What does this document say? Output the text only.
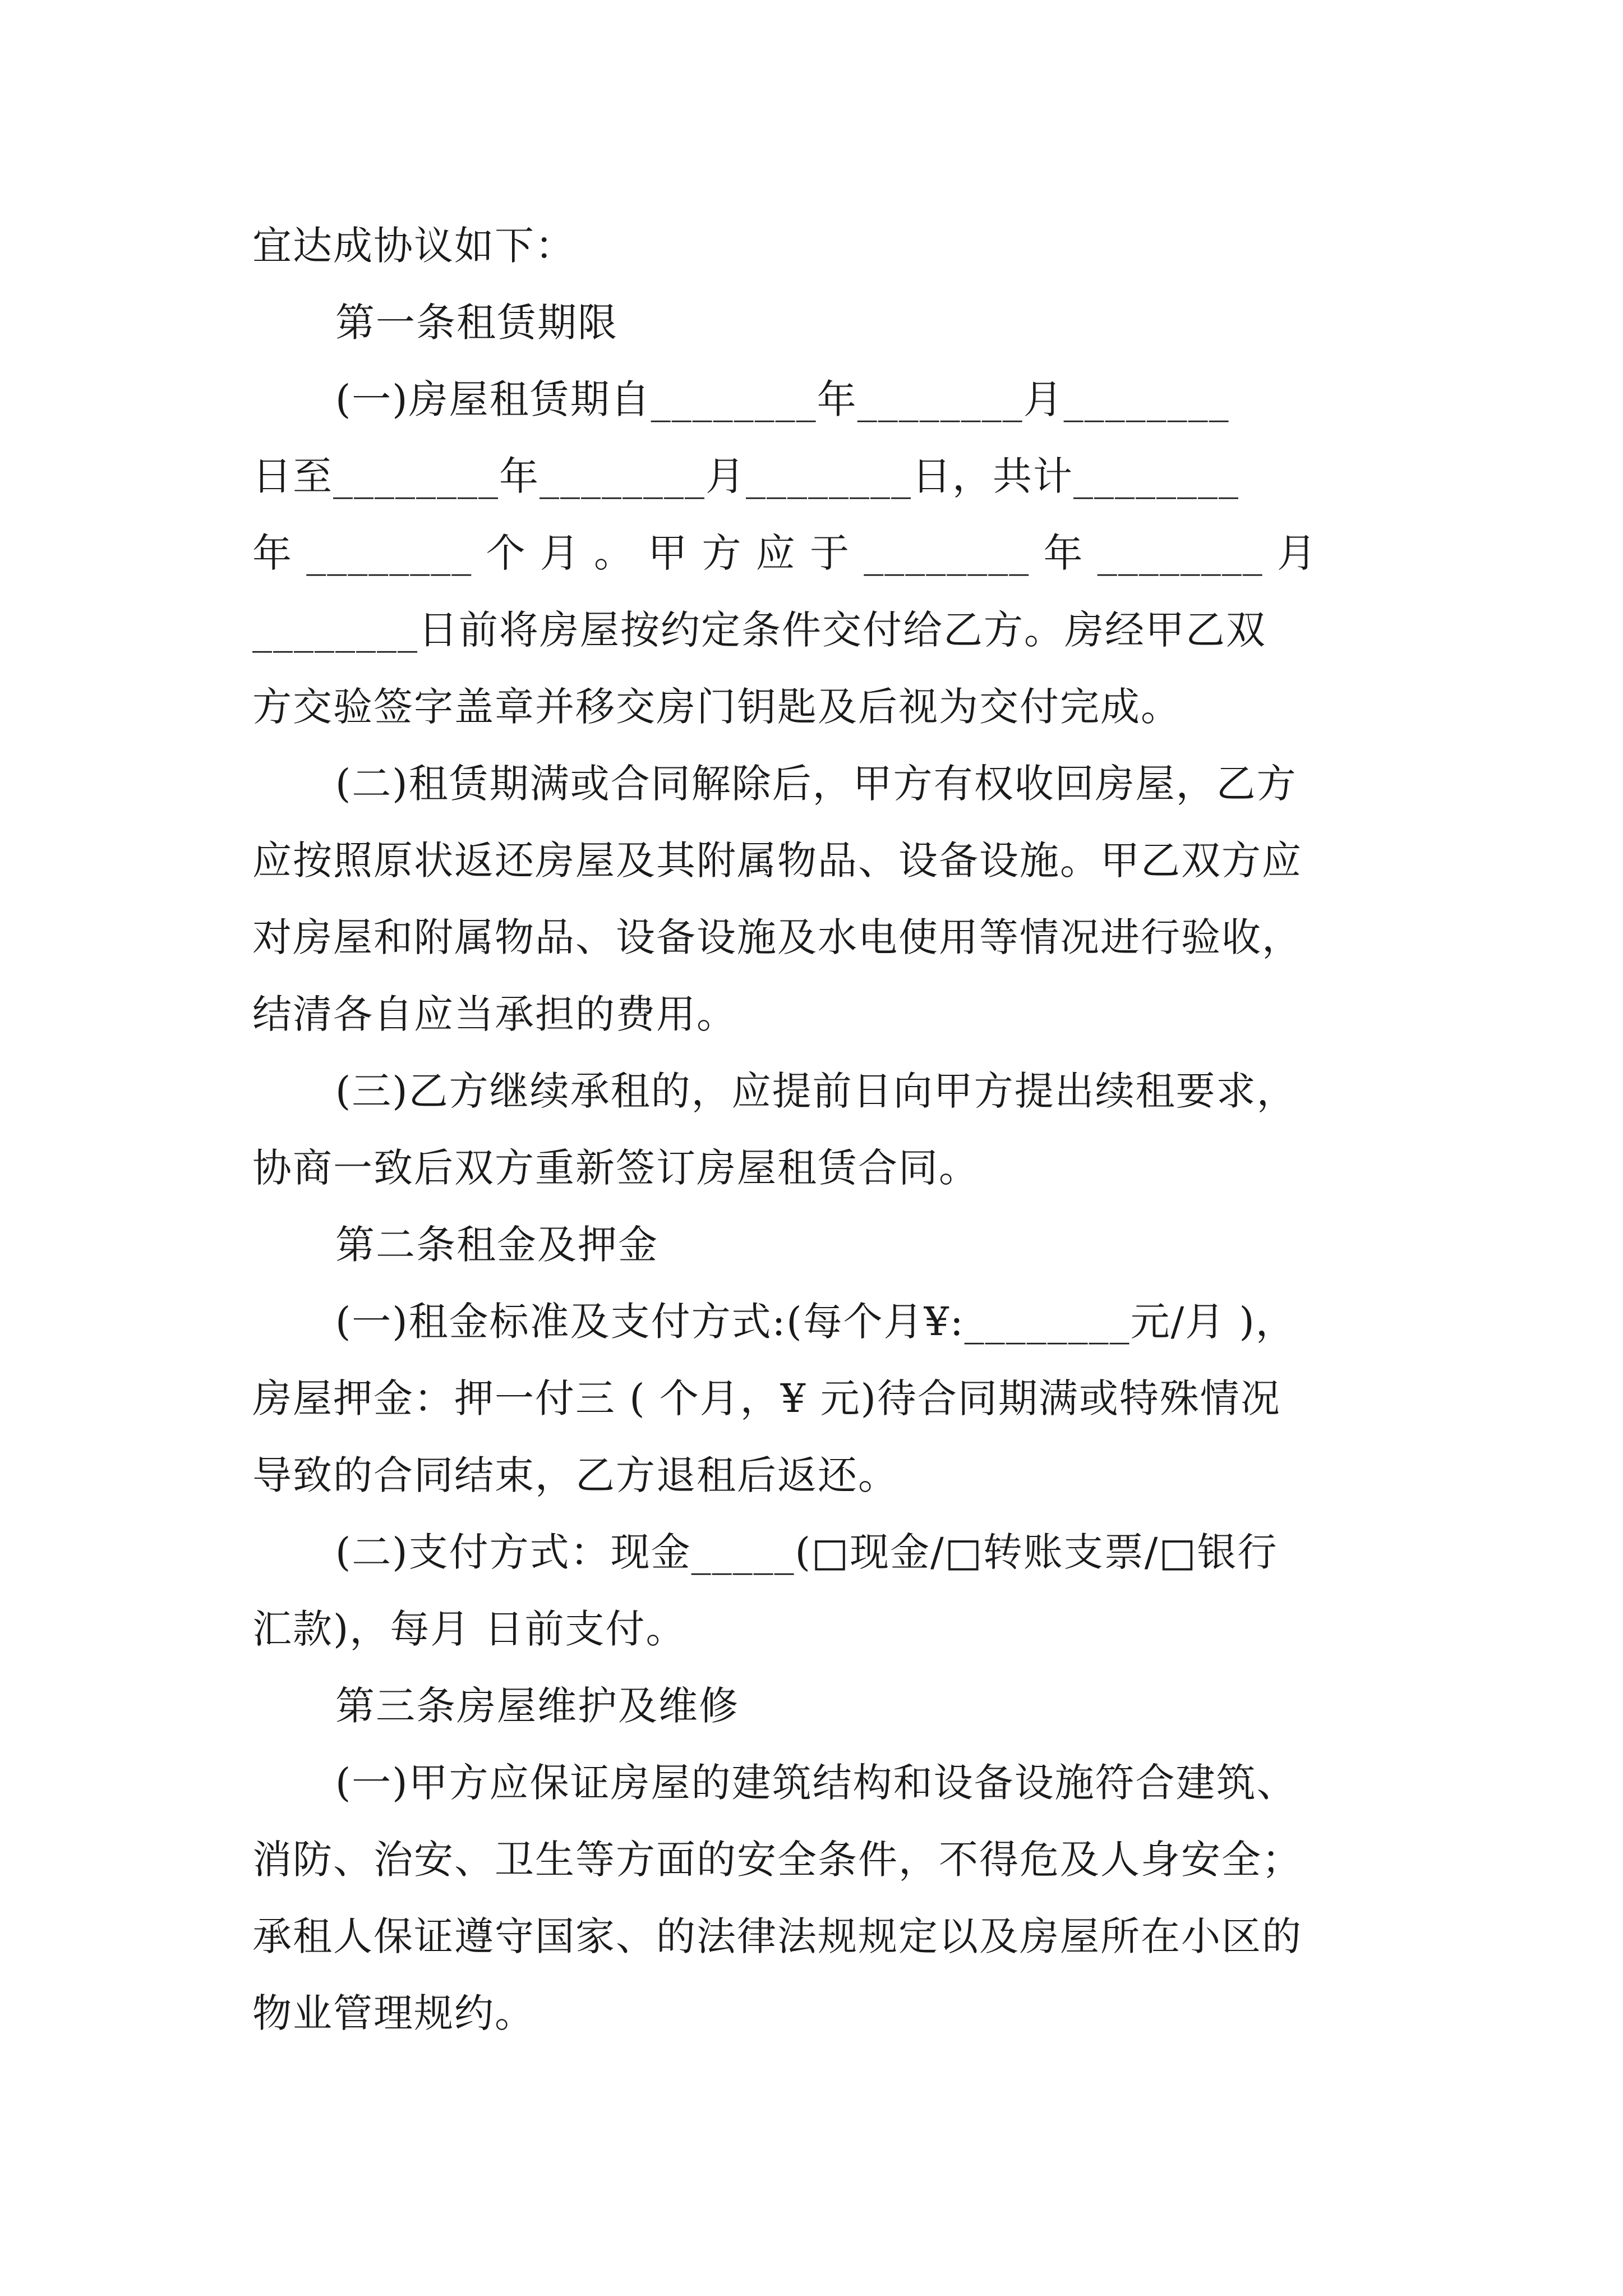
宜达成协议如下：
第一条租赁期限
(一)房屋租赁期自________年________月________
日至________年________月________日，共计________
年 ________ 个 月 。 甲 方 应 于 ________ 年 ________ 月
________日前将房屋按约定条件交付给乙方。房经甲乙双
方交验签字盖章并移交房门钥匙及后视为交付完成。
(二)租赁期满或合同解除后，甲方有权收回房屋，乙方
应按照原状返还房屋及其附属物品、设备设施。甲乙双方应
对房屋和附属物品、设备设施及水电使用等情况进行验收，
结清各自应当承担的费用。
(三)乙方继续承租的，应提前日向甲方提出续租要求，
协商一致后双方重新签订房屋租赁合同。
第二条租金及押金
(一)租金标准及支付方式:(每个月¥:________元/月 )，
房屋押金：押一付三 ( 个月，¥ 元)待合同期满或特殊情况
导致的合同结束，乙方退租后返还。
(二)支付方式：现金_____(□现金/□转账支票/□银行
汇款)，每月 日前支付。
第三条房屋维护及维修
(一)甲方应保证房屋的建筑结构和设备设施符合建筑、
消防、治安、卫生等方面的安全条件，不得危及人身安全；
承租人保证遵守国家、的法律法规规定以及房屋所在小区的
物业管理规约。
